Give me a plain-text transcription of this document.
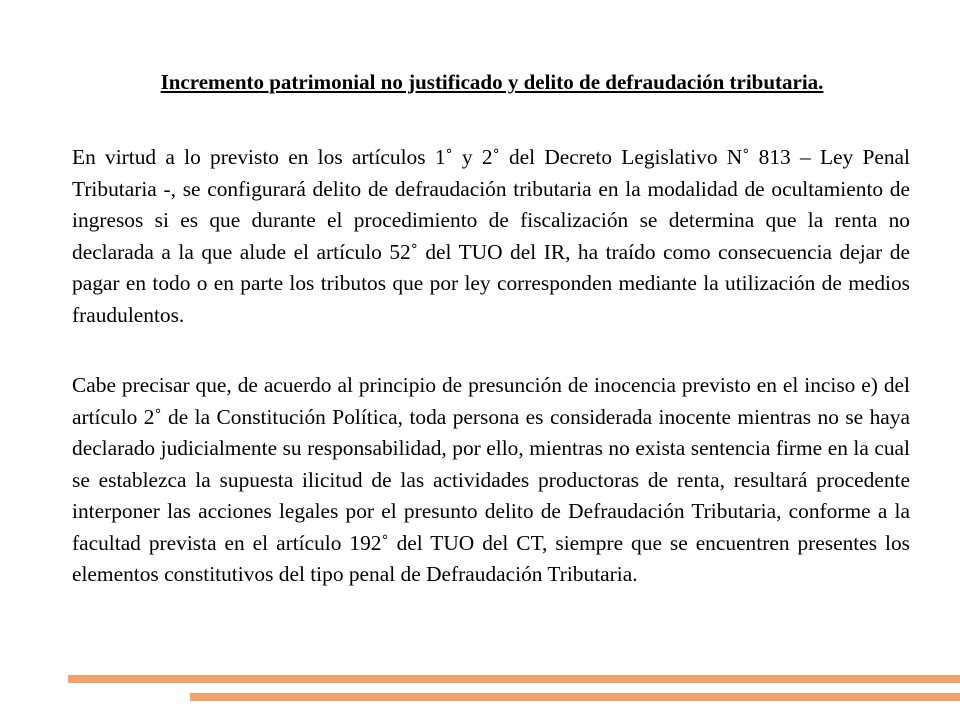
Incremento patrimonial no justificado y delito de defraudación tributaria.

En virtud a lo previsto en los artículos 1˚ y 2˚ del Decreto Legislativo N˚ 813 – Ley Penal Tributaria -, se configurará delito de defraudación tributaria en la modalidad de ocultamiento de ingresos si es que durante el procedimiento de fiscalización se determina que la renta no declarada a la que alude el artículo 52˚ del TUO del IR, ha traído como consecuencia dejar de pagar en todo o en parte los tributos que por ley corresponden mediante la utilización de medios fraudulentos.

Cabe precisar que, de acuerdo al principio de presunción de inocencia previsto en el inciso e) del artículo 2˚ de la Constitución Política, toda persona es considerada inocente mientras no se haya declarado judicialmente su responsabilidad, por ello, mientras no exista sentencia firme en la cual se establezca la supuesta ilicitud de las actividades productoras de renta, resultará procedente interponer las acciones legales por el presunto delito de Defraudación Tributaria, conforme a la facultad prevista en el artículo 192˚ del TUO del CT, siempre que se encuentren presentes los elementos constitutivos del tipo penal de Defraudación Tributaria.
